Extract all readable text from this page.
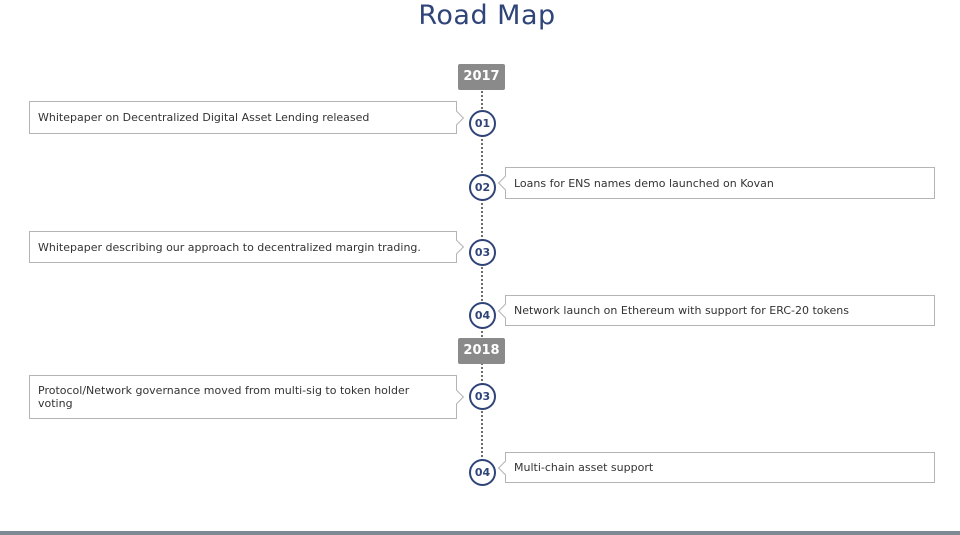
Road Map
2017
2018
Whitepaper on Decentralized Digital Asset Lending released	01
Loans for ENS names demo launched on Kovan
02
Whitepaper describing our approach to decentralized margin trading.	03
Network launch on Ethereum with support for ERC-20 tokens
04
Protocol/Network governance moved from multi-sig to token holder voting
03
Multi-chain asset support
04
